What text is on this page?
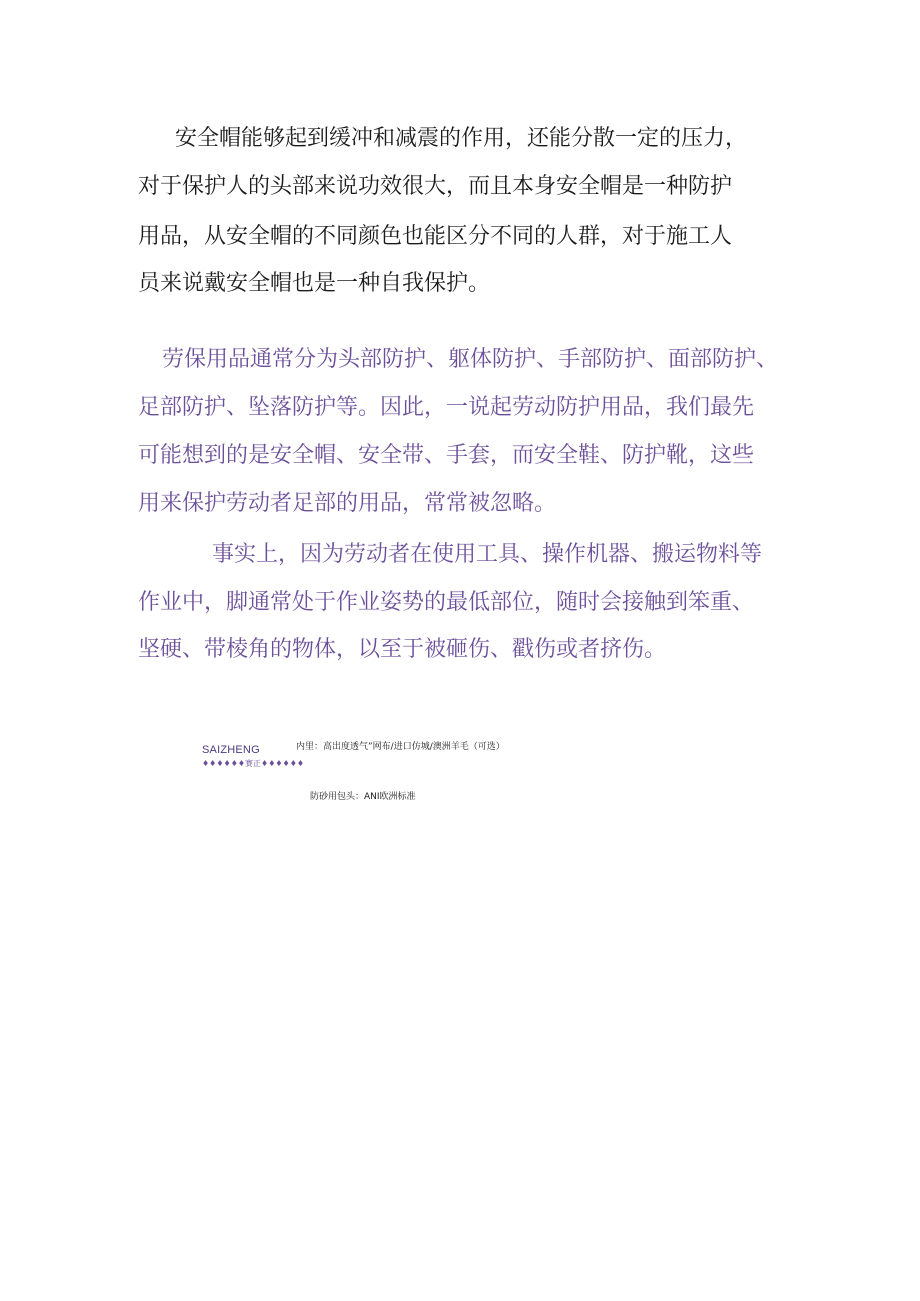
安全帽能够起到缓冲和减震的作用，还能分散一定的压力，
对于保护人的头部来说功效很大，而且本身安全帽是一种防护
用品，从安全帽的不同颜色也能区分不同的人群，对于施工人
员来说戴安全帽也是一种自我保护。
劳保用品通常分为头部防护、躯体防护、手部防护、面部防护、
足部防护、坠落防护等。因此，一说起劳动防护用品，我们最先
可能想到的是安全帽、安全带、手套，而安全鞋、防护靴，这些
用来保护劳动者足部的用品，常常被忽略。
事实上，因为劳动者在使用工具、操作机器、搬运物料等
作业中，脚通常处于作业姿势的最低部位，随时会接触到笨重、
坚硬、带棱角的物体，以至于被砸伤、戳伤或者挤伤。
SAIZHENG
♦♦♦♦♦♦赛正♦♦♦♦♦♦
内里：高出度透气”网布/进口仿城/澳洲羊毛（可选）
防砂用包头：ANI欧洲标准
